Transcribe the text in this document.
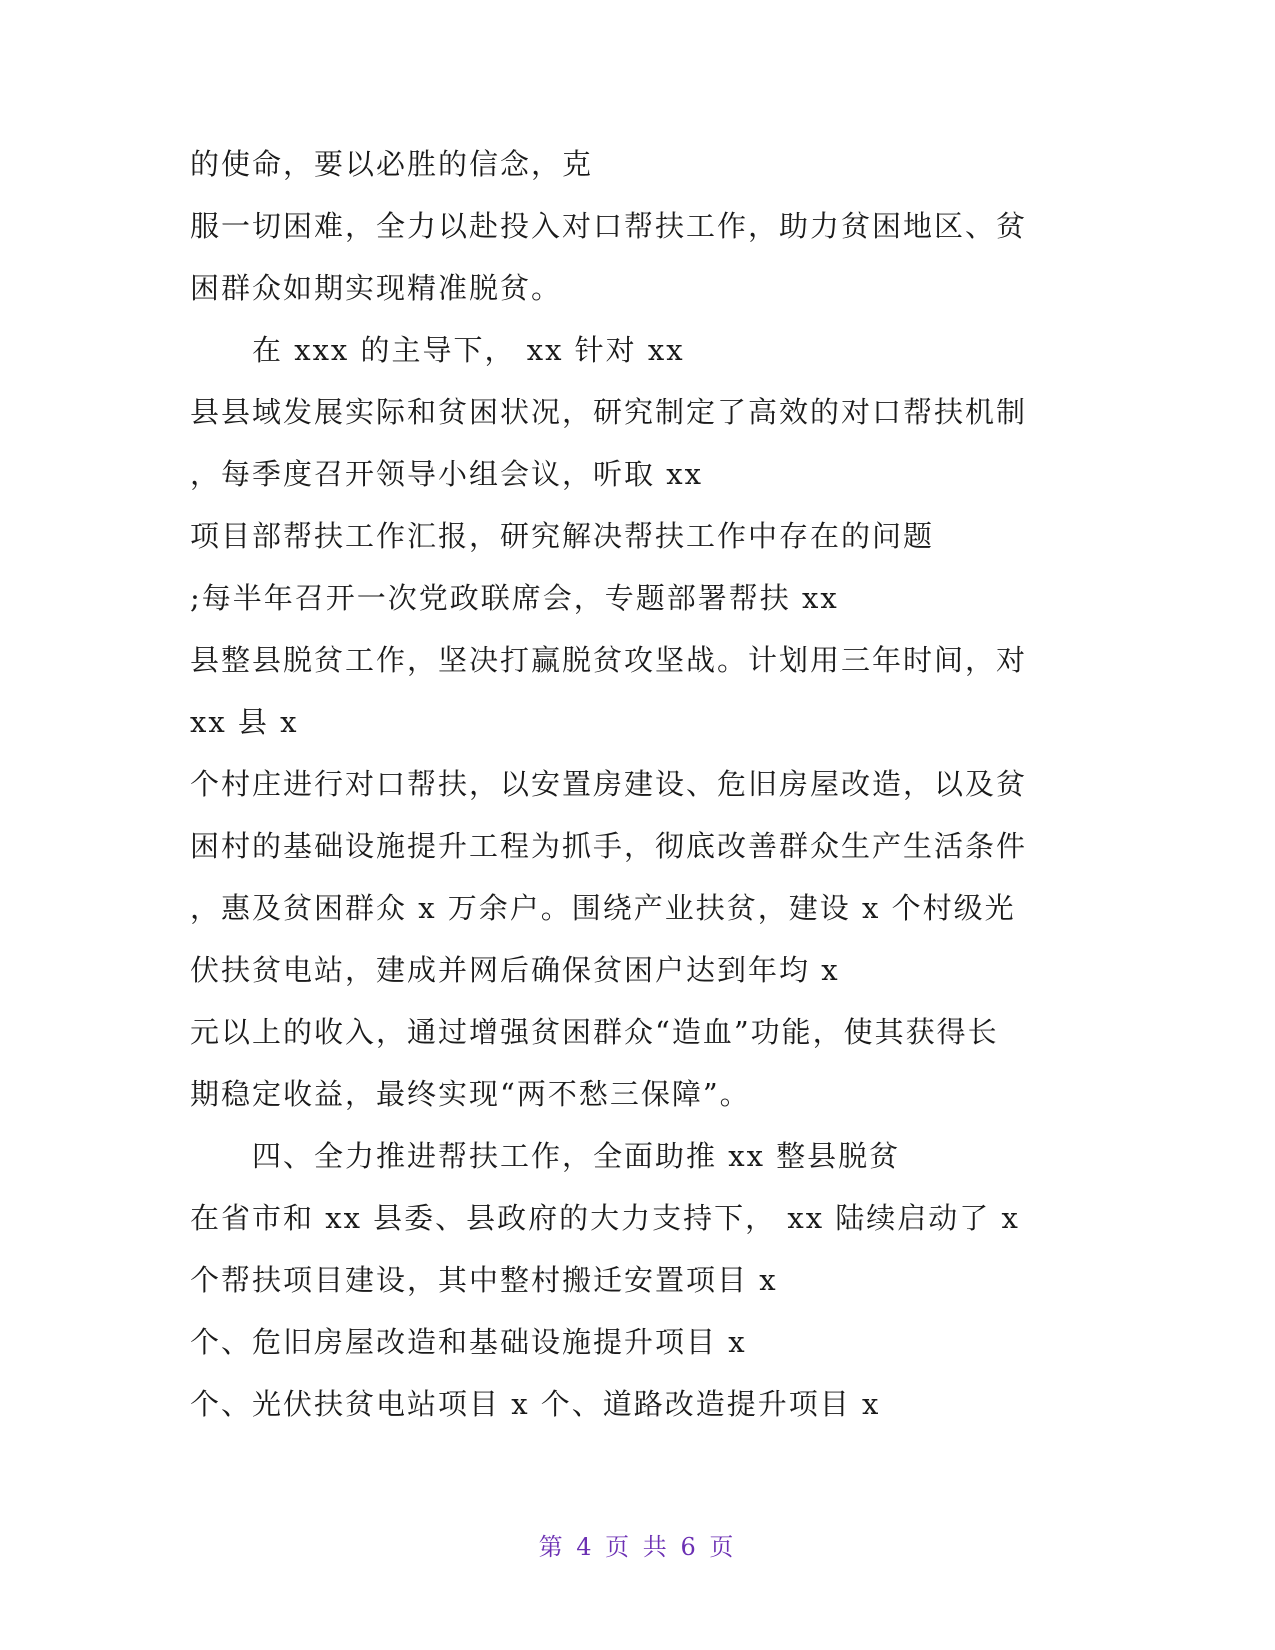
的使命，要以必胜的信念，克
服一切困难，全力以赴投入对口帮扶工作，助力贫困地区、贫
困群众如期实现精准脱贫。
在 xxx 的主导下， xx 针对 xx
县县域发展实际和贫困状况，研究制定了高效的对口帮扶机制
，每季度召开领导小组会议，听取 xx
项目部帮扶工作汇报，研究解决帮扶工作中存在的问题
;每半年召开一次党政联席会，专题部署帮扶 xx
县整县脱贫工作，坚决打赢脱贫攻坚战。计划用三年时间，对
xx 县 x
个村庄进行对口帮扶，以安置房建设、危旧房屋改造，以及贫
困村的基础设施提升工程为抓手，彻底改善群众生产生活条件
，惠及贫困群众 x 万余户。围绕产业扶贫，建设 x 个村级光
伏扶贫电站，建成并网后确保贫困户达到年均 x
元以上的收入，通过增强贫困群众“造血”功能，使其获得长
期稳定收益，最终实现“两不愁三保障”。
四、全力推进帮扶工作，全面助推 xx 整县脱贫
在省市和 xx 县委、县政府的大力支持下， xx 陆续启动了 x
个帮扶项目建设，其中整村搬迁安置项目 x
个、危旧房屋改造和基础设施提升项目 x
个、光伏扶贫电站项目 x 个、道路改造提升项目 x
第 4 页 共 6 页
